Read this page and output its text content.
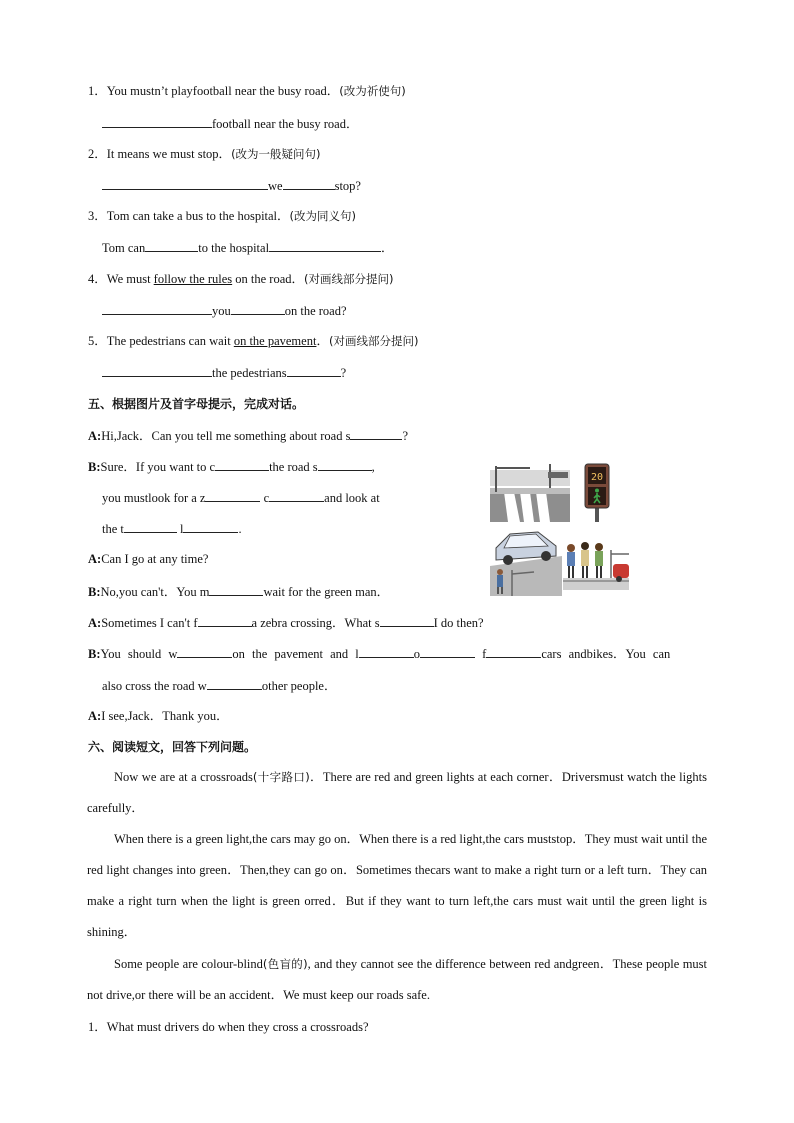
1．You mustn’t playfootball near the busy road．(改为祈使句)
football near the busy road．
2．It means we must stop．(改为一般疑问句)
we	stop?
3．Tom can take a bus to the hospital．(改为同义句)
Tom can	to the hospital	．
4．We must follow the rules on the road．(对画线部分提问)
you	on the road?
5．The pedestrians can wait on the pavement．(对画线部分提问)
the pedestrians	?
五、根据图片及首字母提示，完成对话。
A:Hi,Jack．Can you tell me something about road s	?
B:Sure．If you want to c	the road s	,
you mustlook for a z	c	and look at
the t	l	.
A:Can I go at any time?
B:No,you can't．You m	wait for the green man．
A:Sometimes I can't f	a zebra crossing．What s	I do then?
B:You should w	on the pavement and l	o	f	cars andbikes．You can
also cross the road w	other people．
A:I see,Jack．Thank you．
20
六、阅读短文，回答下列问题。
Now we are at a crossroads(十字路口)．There are red and green lights at each corner．Driversmust watch the lights carefully．
When there is a green light,the cars may go on．When there is a red light,the cars muststop．They must wait until the red light changes into green．Then,they can go on．Sometimes thecars want to make a right turn or a left turn．They can make a right turn when the light is green orred．But if they want to turn left,the cars must wait until the green light is shining．
Some people are colour-blind(色盲的), and they cannot see the difference between red andgreen．These people must not drive,or there will be an accident．We must keep our roads safe.
1．What must drivers do when they cross a crossroads?
